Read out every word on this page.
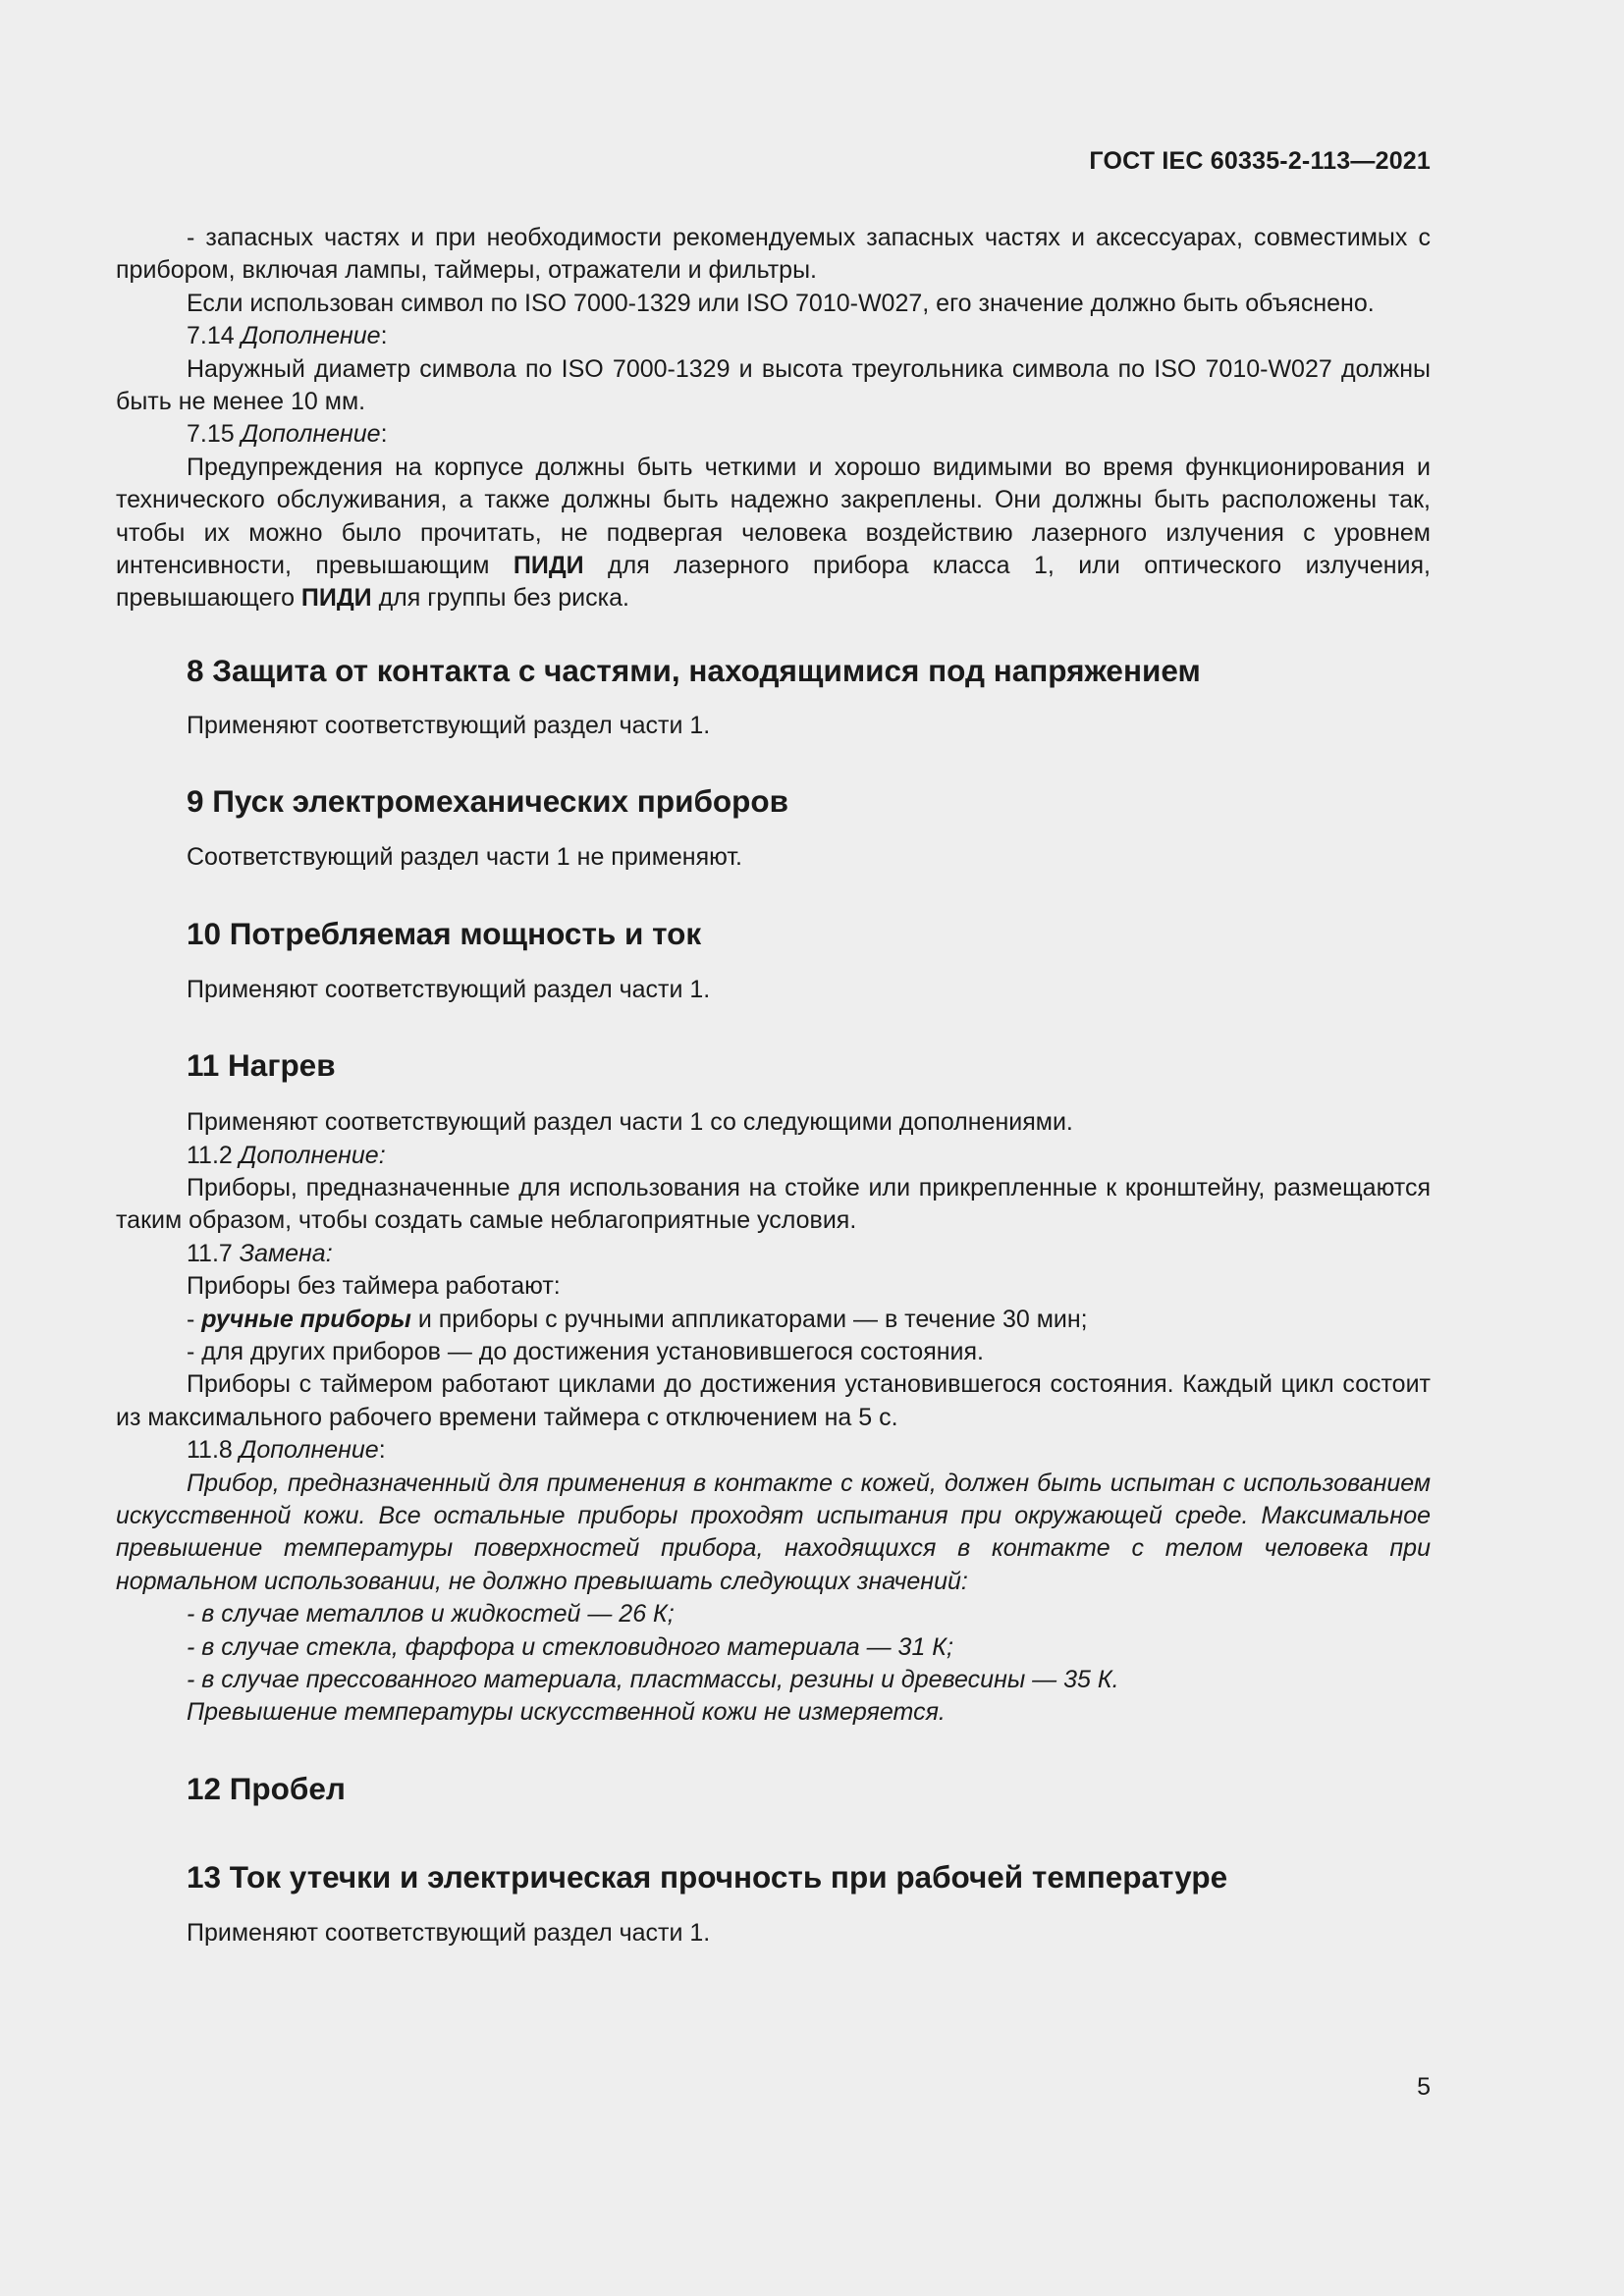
ГОСТ IEC 60335-2-113—2021

- запасных частях и при необходимости рекомендуемых запасных частях и аксессуарах, совместимых с прибором, включая лампы, таймеры, отражатели и фильтры.

Если использован символ по ISO 7000-1329 или ISO 7010-W027, его значение должно быть объяснено.

7.14 Дополнение:

Наружный диаметр символа по ISO 7000-1329 и высота треугольника символа по ISO 7010-W027 должны быть не менее 10 мм.

7.15 Дополнение:

Предупреждения на корпусе должны быть четкими и хорошо видимыми во время функционирования и технического обслуживания, а также должны быть надежно закреплены. Они должны быть расположены так, чтобы их можно было прочитать, не подвергая человека воздействию лазерного излучения с уровнем интенсивности, превышающим ПИДИ для лазерного прибора класса 1, или оптического излучения, превышающего ПИДИ для группы без риска.

8 Защита от контакта с частями, находящимися под напряжением

Применяют соответствующий раздел части 1.

9 Пуск электромеханических приборов

Соответствующий раздел части 1 не применяют.

10 Потребляемая мощность и ток

Применяют соответствующий раздел части 1.

11 Нагрев

Применяют соответствующий раздел части 1 со следующими дополнениями.

11.2 Дополнение:

Приборы, предназначенные для использования на стойке или прикрепленные к кронштейну, размещаются таким образом, чтобы создать самые неблагоприятные условия.

11.7 Замена:

Приборы без таймера работают:

- ручные приборы и приборы с ручными аппликаторами — в течение 30 мин;

- для других приборов — до достижения установившегося состояния.

Приборы с таймером работают циклами до достижения установившегося состояния. Каждый цикл состоит из максимального рабочего времени таймера с отключением на 5 с.

11.8 Дополнение:

Прибор, предназначенный для применения в контакте с кожей, должен быть испытан с использованием искусственной кожи. Все остальные приборы проходят испытания при окружающей среде. Максимальное превышение температуры поверхностей прибора, находящихся в контакте с телом человека при нормальном использовании, не должно превышать следующих значений:

- в случае металлов и жидкостей — 26 К;

- в случае стекла, фарфора и стекловидного материала — 31 К;

- в случае прессованного материала, пластмассы, резины и древесины — 35 К.

Превышение температуры искусственной кожи не измеряется.

12 Пробел
13 Ток утечки и электрическая прочность при рабочей температуре

Применяют соответствующий раздел части 1.

5
